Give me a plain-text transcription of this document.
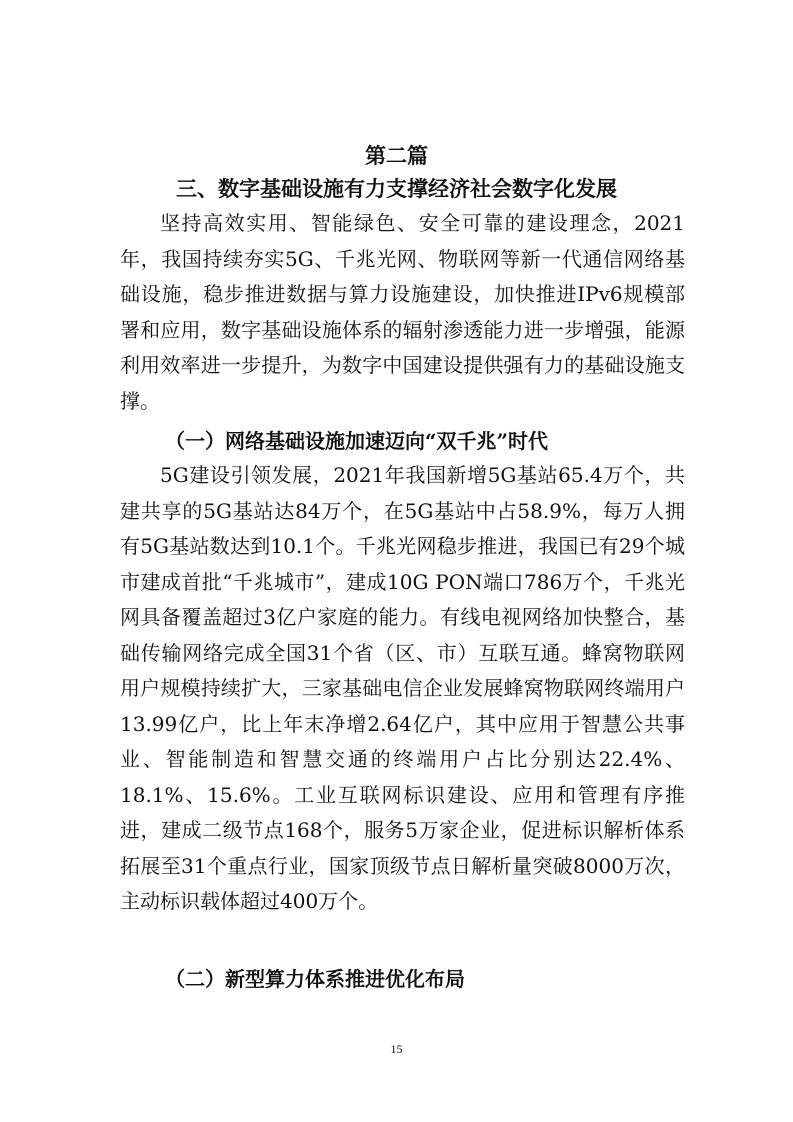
第二篇
三、数字基础设施有力支撑经济社会数字化发展

坚持高效实用、智能绿色、安全可靠的建设理念，2021年，我国持续夯实5G、千兆光网、物联网等新一代通信网络基础设施，稳步推进数据与算力设施建设，加快推进IPv6规模部署和应用，数字基础设施体系的辐射渗透能力进一步增强，能源利用效率进一步提升，为数字中国建设提供强有力的基础设施支撑。

（一）网络基础设施加速迈向“双千兆”时代

5G建设引领发展，2021年我国新增5G基站65.4万个，共建共享的5G基站达84万个，在5G基站中占58.9%，每万人拥有5G基站数达到10.1个。千兆光网稳步推进，我国已有29个城市建成首批“千兆城市”，建成10G PON端口786万个，千兆光网具备覆盖超过3亿户家庭的能力。有线电视网络加快整合，基础传输网络完成全国31个省（区、市）互联互通。蜂窝物联网用户规模持续扩大，三家基础电信企业发展蜂窝物联网终端用户13.99亿户，比上年末净增2.64亿户，其中应用于智慧公共事业、智能制造和智慧交通的终端用户占比分别达22.4%、18.1%、15.6%。工业互联网标识建设、应用和管理有序推进，建成二级节点168个，服务5万家企业，促进标识解析体系拓展至31个重点行业，国家顶级节点日解析量突破8000万次，主动标识载体超过400万个。

（二）新型算力体系推进优化布局
15
